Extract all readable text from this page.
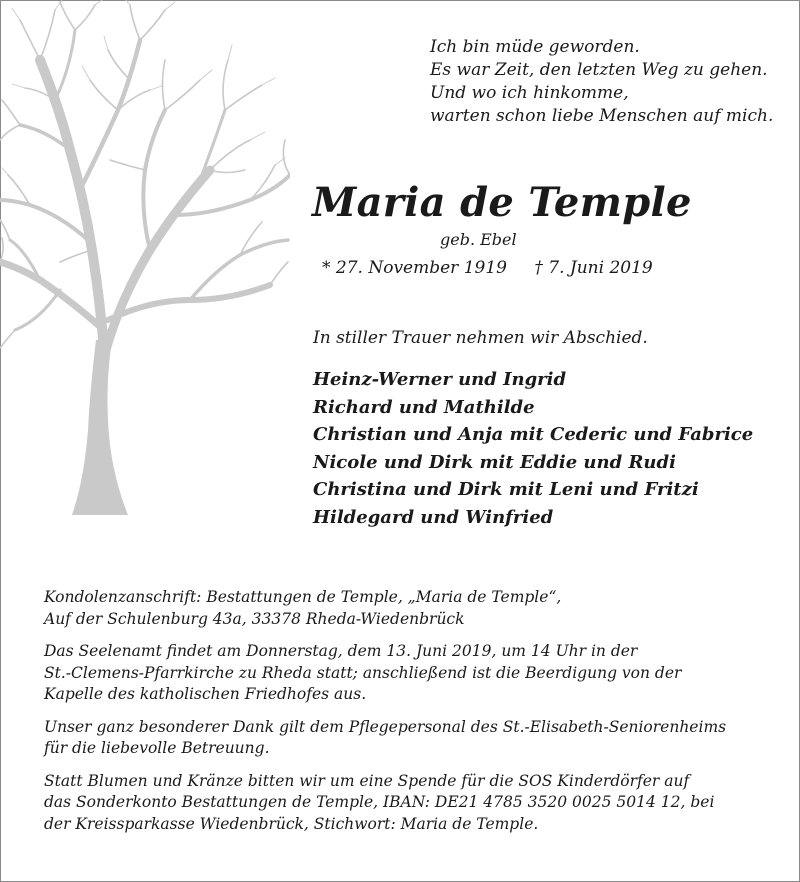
Ich bin müde geworden.
Es war Zeit, den letzten Weg zu gehen.
Und wo ich hinkomme,
warten schon liebe Menschen auf mich.
Maria de Temple
geb. Ebel
* 27. November 1919 † 7. Juni 2019
In stiller Trauer nehmen wir Abschied.
Heinz-Werner und Ingrid
Richard und Mathilde
Christian und Anja mit Cederic und Fabrice
Nicole und Dirk mit Eddie und Rudi
Christina und Dirk mit Leni und Fritzi
Hildegard und Winfried

Kondolenzanschrift: Bestattungen de Temple, „Maria de Temple“,
Auf der Schulenburg 43a, 33378 Rheda-Wiedenbrück

Das Seelenamt findet am Donnerstag, dem 13. Juni 2019, um 14 Uhr in der
St.-Clemens-Pfarrkirche zu Rheda statt; anschließend ist die Beerdigung von der
Kapelle des katholischen Friedhofes aus.

Unser ganz besonderer Dank gilt dem Pflegepersonal des St.-Elisabeth-Seniorenheims
für die liebevolle Betreuung.

Statt Blumen und Kränze bitten wir um eine Spende für die SOS Kinderdörfer auf
das Sonderkonto Bestattungen de Temple, IBAN: DE21 4785 3520 0025 5014 12, bei
der Kreissparkasse Wiedenbrück, Stichwort: Maria de Temple.
